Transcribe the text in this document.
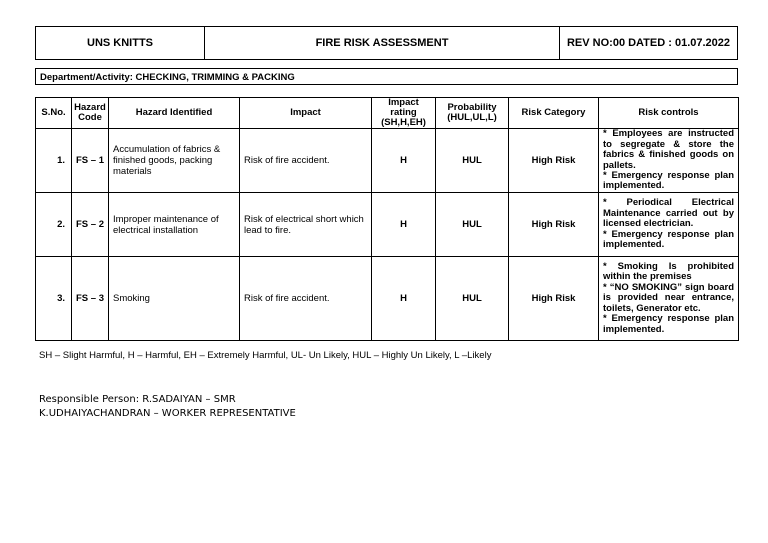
UNS KNITTS	FIRE RISK ASSESSMENT	REV NO:00 DATED : 01.07.2022
Department/Activity: CHECKING, TRIMMING & PACKING
S.No.	Hazard Code	Hazard Identified	Impact	Impact rating (SH,H,EH)	Probability (HUL,UL,L)	Risk Category	Risk controls
1.	FS – 1	Accumulation of fabrics & finished goods, packing materials	Risk of fire accident.	H	HUL	High Risk	* Employees are instructed to segregate & store the fabrics & finished goods on pallets.
* Emergency response plan implemented.

2.	FS – 2	Improper maintenance of electrical installation	Risk of electrical short which lead to fire.	H	HUL	High Risk	* Periodical Electrical Maintenance carried out by licensed electrician.
* Emergency response plan implemented.

3.	FS – 3	Smoking	Risk of fire accident.	H	HUL	High Risk	* Smoking Is prohibited within the premises
* “NO SMOKING” sign board is provided near entrance, toilets, Generator etc.
* Emergency response plan implemented.
SH – Slight Harmful, H – Harmful, EH – Extremely Harmful, UL- Un Likely, HUL – Highly Un Likely, L –Likely
Responsible Person: R.SADAIYAN – SMR
K.UDHAIYACHANDRAN – WORKER REPRESENTATIVE
